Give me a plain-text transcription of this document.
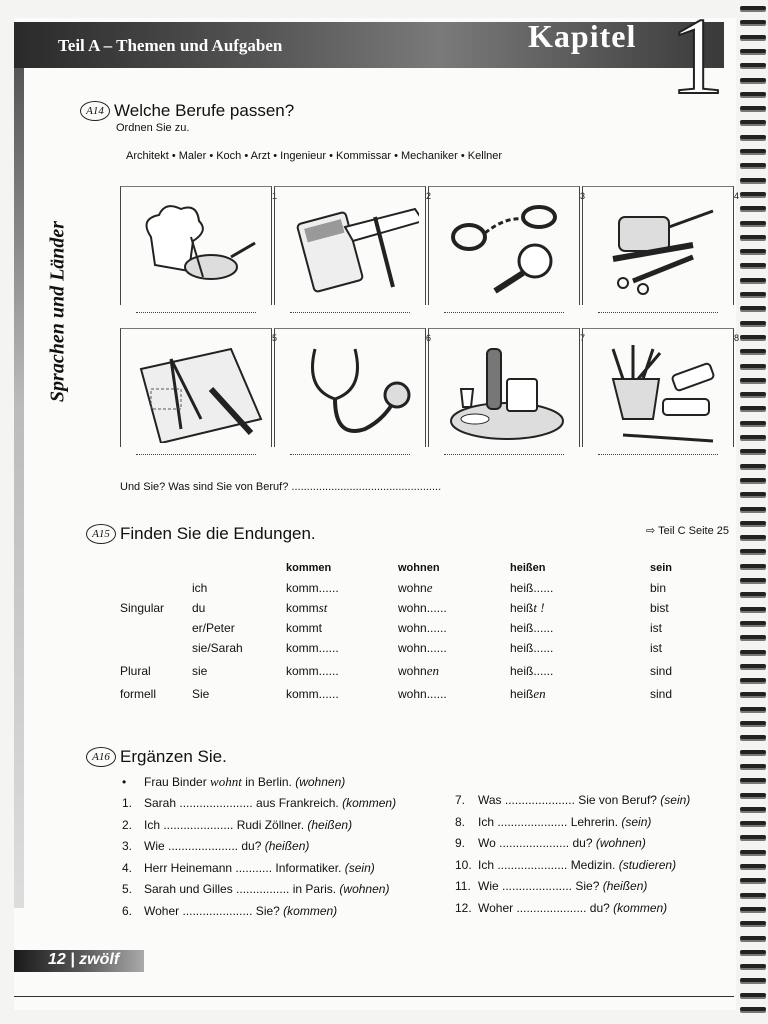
Teil A – Themen und Aufgaben	Kapitel 1
Sprachen und Länder
A14 Welche Berufe passen?
Ordnen Sie zu.
Architekt • Maler • Koch • Arzt • Ingenieur • Kommissar • Mechaniker • Kellner
1	2	3	4
5	6	7	8
Und Sie? Was sind Sie von Beruf? .................................................
A15 Finden Sie die Endungen.	⇨ Teil C Seite 25
		kommen	wohnen	heißen	sein
	ich	komm......	wohne	heiß......	bin
Singular	du	kommst	wohn......	heißt !	bist
	er/Peter	kommt	wohn......	heiß......	ist
	sie/Sarah	komm......	wohn......	heiß......	ist
Plural	sie	komm......	wohnen	heiß......	sind
formell	Sie	komm......	wohn......	heißen	sind
A16 Ergänzen Sie.
• Frau Binder wohnt in Berlin. (wohnen)
1. Sarah ...................... aus Frankreich. (kommen)
2. Ich ..................... Rudi Zöllner. (heißen)
3. Wie ..................... du? (heißen)
4. Herr Heinemann ........... Informatiker. (sein)
5. Sarah und Gilles ................ in Paris. (wohnen)
6. Woher ..................... Sie? (kommen)
7. Was ..................... Sie von Beruf? (sein)
8. Ich ..................... Lehrerin. (sein)
9. Wo ..................... du? (wohnen)
10. Ich ..................... Medizin. (studieren)
11. Wie ..................... Sie? (heißen)
12. Woher ..................... du? (kommen)
12 | zwölf
